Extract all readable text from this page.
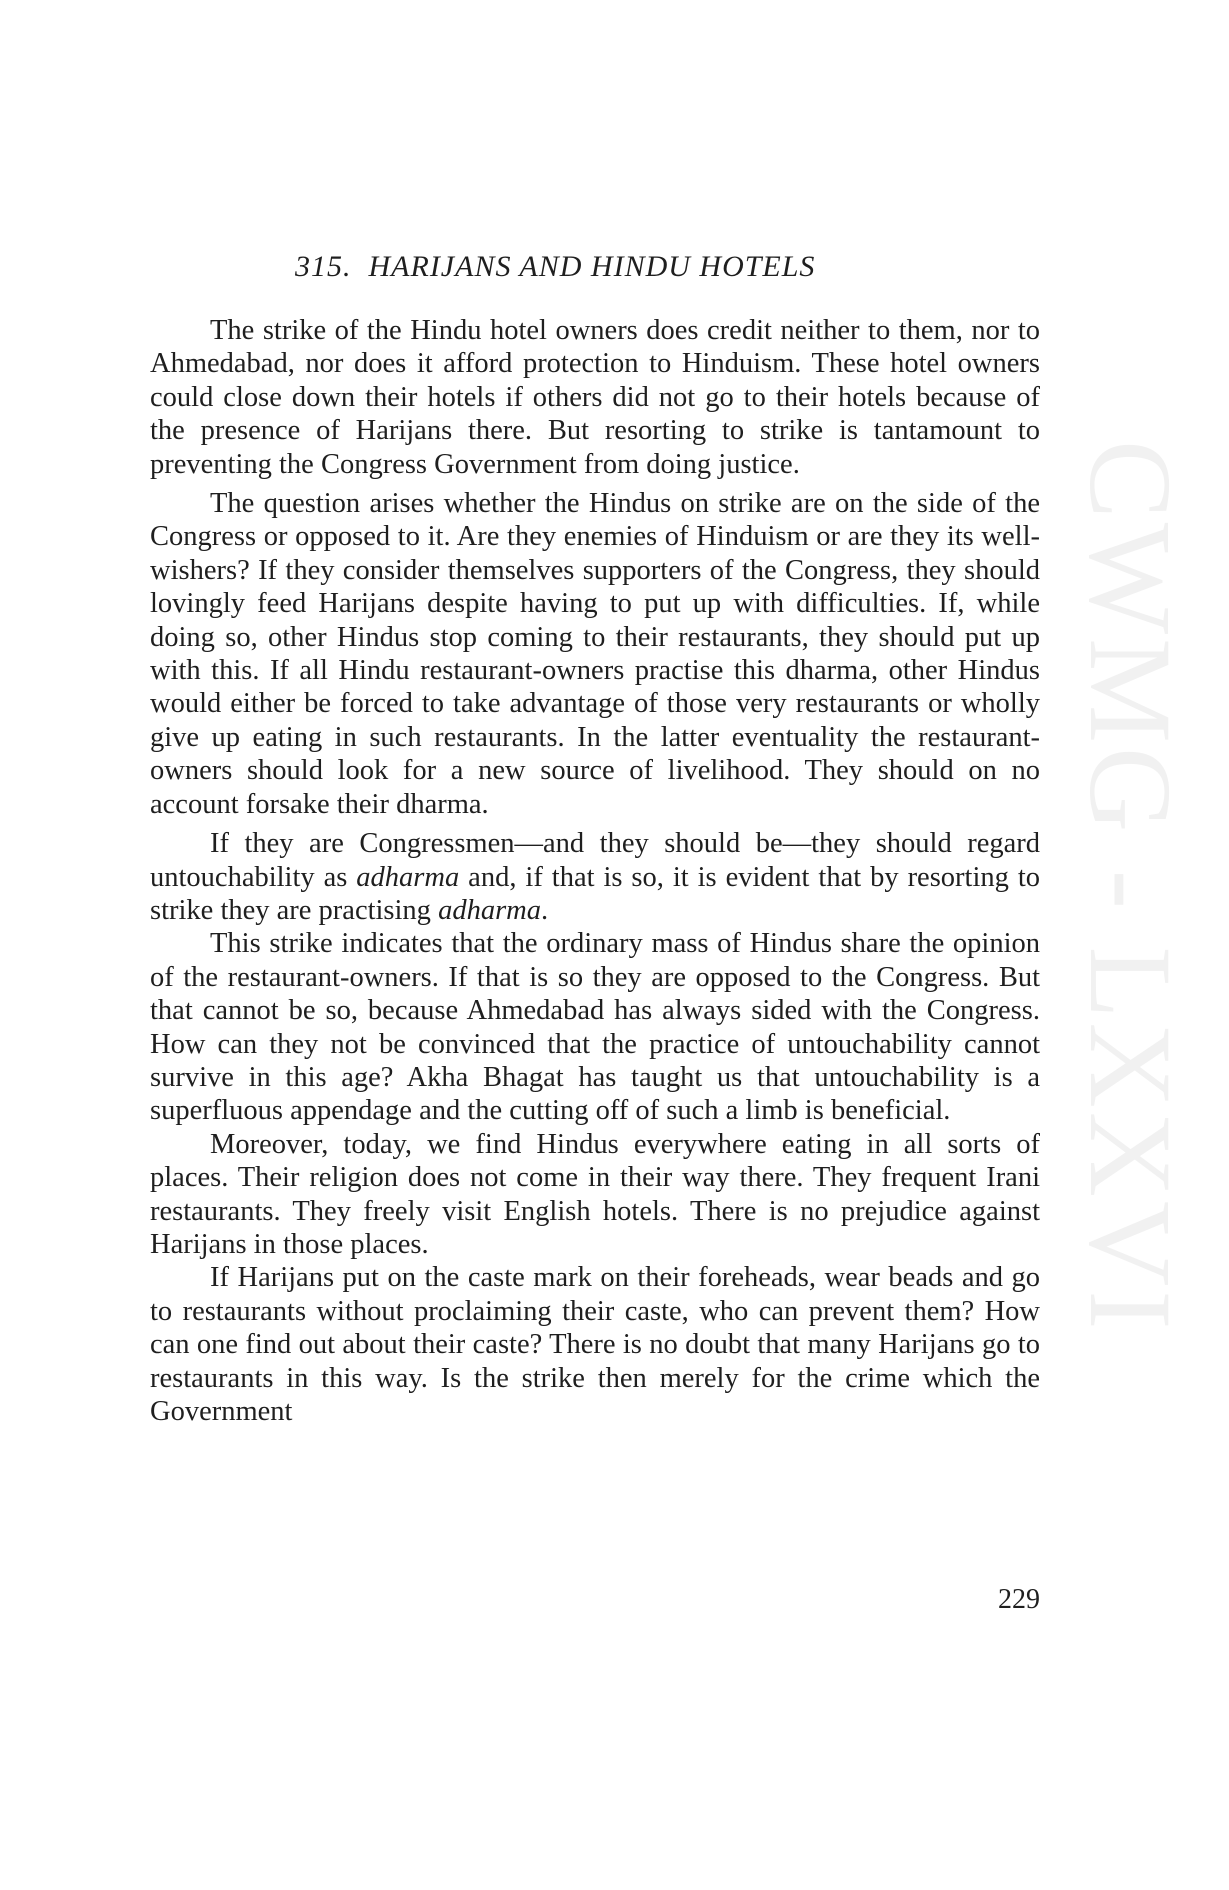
CWMG - LXXVI
315. HARIJANS AND HINDU HOTELS

The strike of the Hindu hotel owners does credit neither to them, nor to Ahmedabad, nor does it afford protection to Hinduism. These hotel owners could close down their hotels if others did not go to their hotels because of the presence of Harijans there. But resorting to strike is tantamount to preventing the Congress Government from doing justice.

The question arises whether the Hindus on strike are on the side of the Congress or opposed to it. Are they enemies of Hinduism or are they its well-wishers? If they consider themselves supporters of the Congress, they should lovingly feed Harijans despite having to put up with difficulties. If, while doing so, other Hindus stop coming to their restaurants, they should put up with this. If all Hindu restaurant-owners practise this dharma, other Hindus would either be forced to take advantage of those very restaurants or wholly give up eating in such restaurants. In the latter eventuality the restaurant-owners should look for a new source of livelihood. They should on no account forsake their dharma.

If they are Congressmen—and they should be—they should regard untouchability as adharma and, if that is so, it is evident that by resorting to strike they are practising adharma.

This strike indicates that the ordinary mass of Hindus share the opinion of the restaurant-owners. If that is so they are opposed to the Congress. But that cannot be so, because Ahmedabad has always sided with the Congress. How can they not be convinced that the practice of untouchability cannot survive in this age? Akha Bhagat has taught us that untouchability is a superfluous appendage and the cutting off of such a limb is beneficial.

Moreover, today, we find Hindus everywhere eating in all sorts of places. Their religion does not come in their way there. They frequent Irani restaurants. They freely visit English hotels. There is no prejudice against Harijans in those places.

If Harijans put on the caste mark on their foreheads, wear beads and go to restaurants without proclaiming their caste, who can prevent them? How can one find out about their caste? There is no doubt that many Harijans go to restaurants in this way. Is the strike then merely for the crime which the Government

229
